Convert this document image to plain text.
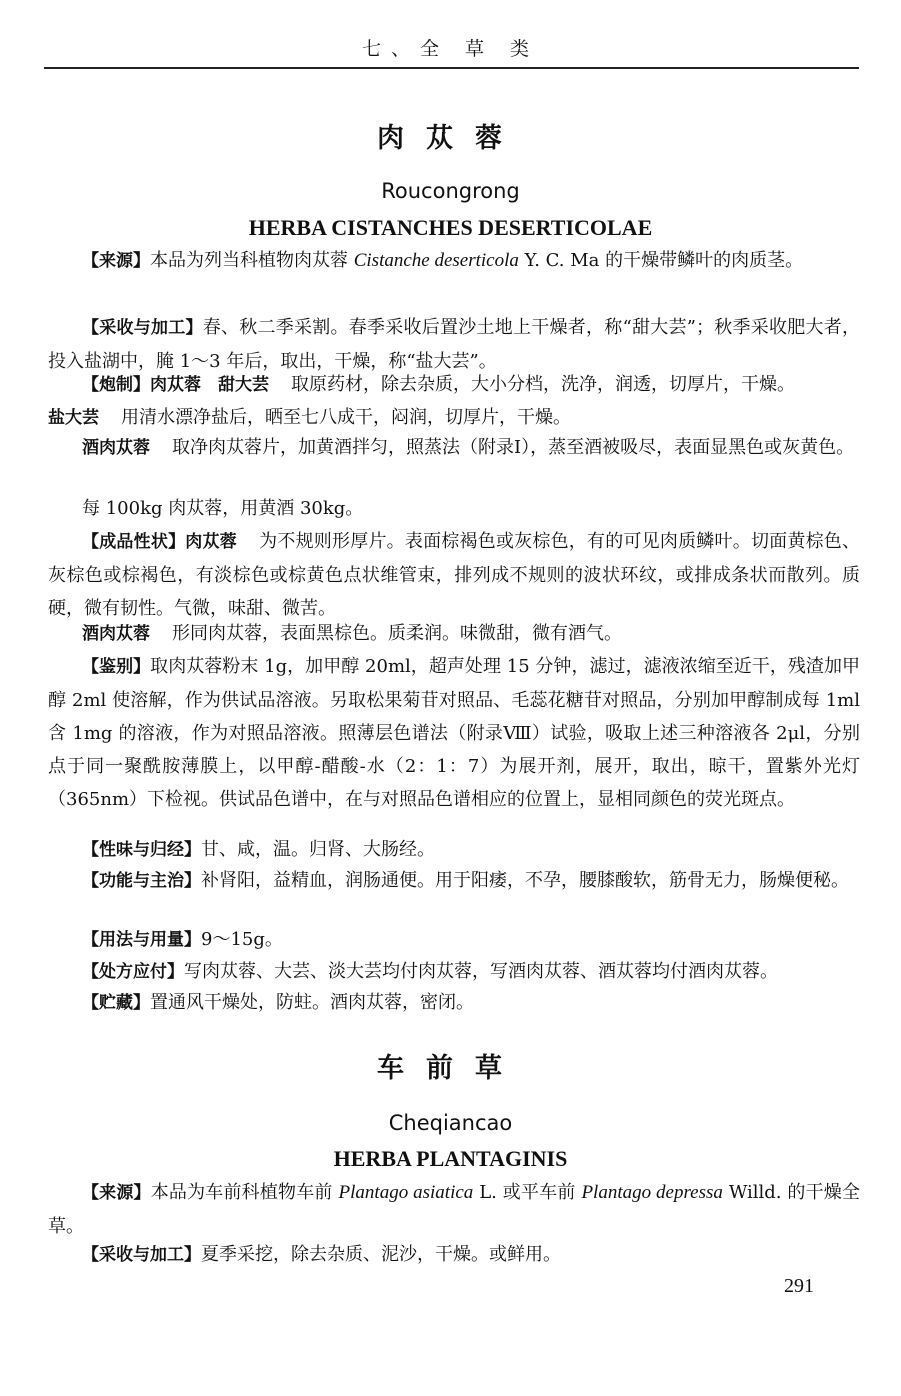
七、全 草 类
肉苁蓉
Roucongrong
HERBA CISTANCHES DESERTICOLAE
【来源】本品为列当科植物肉苁蓉 Cistanche deserticola Y. C. Ma 的干燥带鳞叶的肉质茎。
【采收与加工】春、秋二季采割。春季采收后置沙土地上干燥者，称“甜大芸”；秋季采收肥大者，投入盐湖中，腌 1～3 年后，取出，干燥，称“盐大芸”。
【炮制】肉苁蓉　甜大芸 取原药材，除去杂质，大小分档，洗净，润透，切厚片，干燥。
盐大芸 用清水漂净盐后，晒至七八成干，闷润，切厚片，干燥。
酒肉苁蓉 取净肉苁蓉片，加黄酒拌匀，照蒸法（附录Ⅰ），蒸至酒被吸尽，表面显黑色或灰黄色。
每 100kg 肉苁蓉，用黄酒 30kg。
【成品性状】肉苁蓉 为不规则形厚片。表面棕褐色或灰棕色，有的可见肉质鳞叶。切面黄棕色、灰棕色或棕褐色，有淡棕色或棕黄色点状维管束，排列成不规则的波状环纹，或排成条状而散列。质硬，微有韧性。气微，味甜、微苦。
酒肉苁蓉 形同肉苁蓉，表面黑棕色。质柔润。味微甜，微有酒气。
【鉴别】取肉苁蓉粉末 1g，加甲醇 20ml，超声处理 15 分钟，滤过，滤液浓缩至近干，残渣加甲醇 2ml 使溶解，作为供试品溶液。另取松果菊苷对照品、毛蕊花糖苷对照品，分别加甲醇制成每 1ml 含 1mg 的溶液，作为对照品溶液。照薄层色谱法（附录Ⅷ）试验，吸取上述三种溶液各 2μl，分别点于同一聚酰胺薄膜上，以甲醇-醋酸-水（2：1：7）为展开剂，展开，取出，晾干，置紫外光灯（365nm）下检视。供试品色谱中，在与对照品色谱相应的位置上，显相同颜色的荧光斑点。
【性味与归经】甘、咸，温。归肾、大肠经。
【功能与主治】补肾阳，益精血，润肠通便。用于阳痿，不孕，腰膝酸软，筋骨无力，肠燥便秘。
【用法与用量】9～15g。
【处方应付】写肉苁蓉、大芸、淡大芸均付肉苁蓉，写酒肉苁蓉、酒苁蓉均付酒肉苁蓉。
【贮藏】置通风干燥处，防蛀。酒肉苁蓉，密闭。
车前草
Cheqiancao
HERBA PLANTAGINIS
【来源】本品为车前科植物车前 Plantago asiatica L. 或平车前 Plantago depressa Willd. 的干燥全草。
【采收与加工】夏季采挖，除去杂质、泥沙，干燥。或鲜用。
291
